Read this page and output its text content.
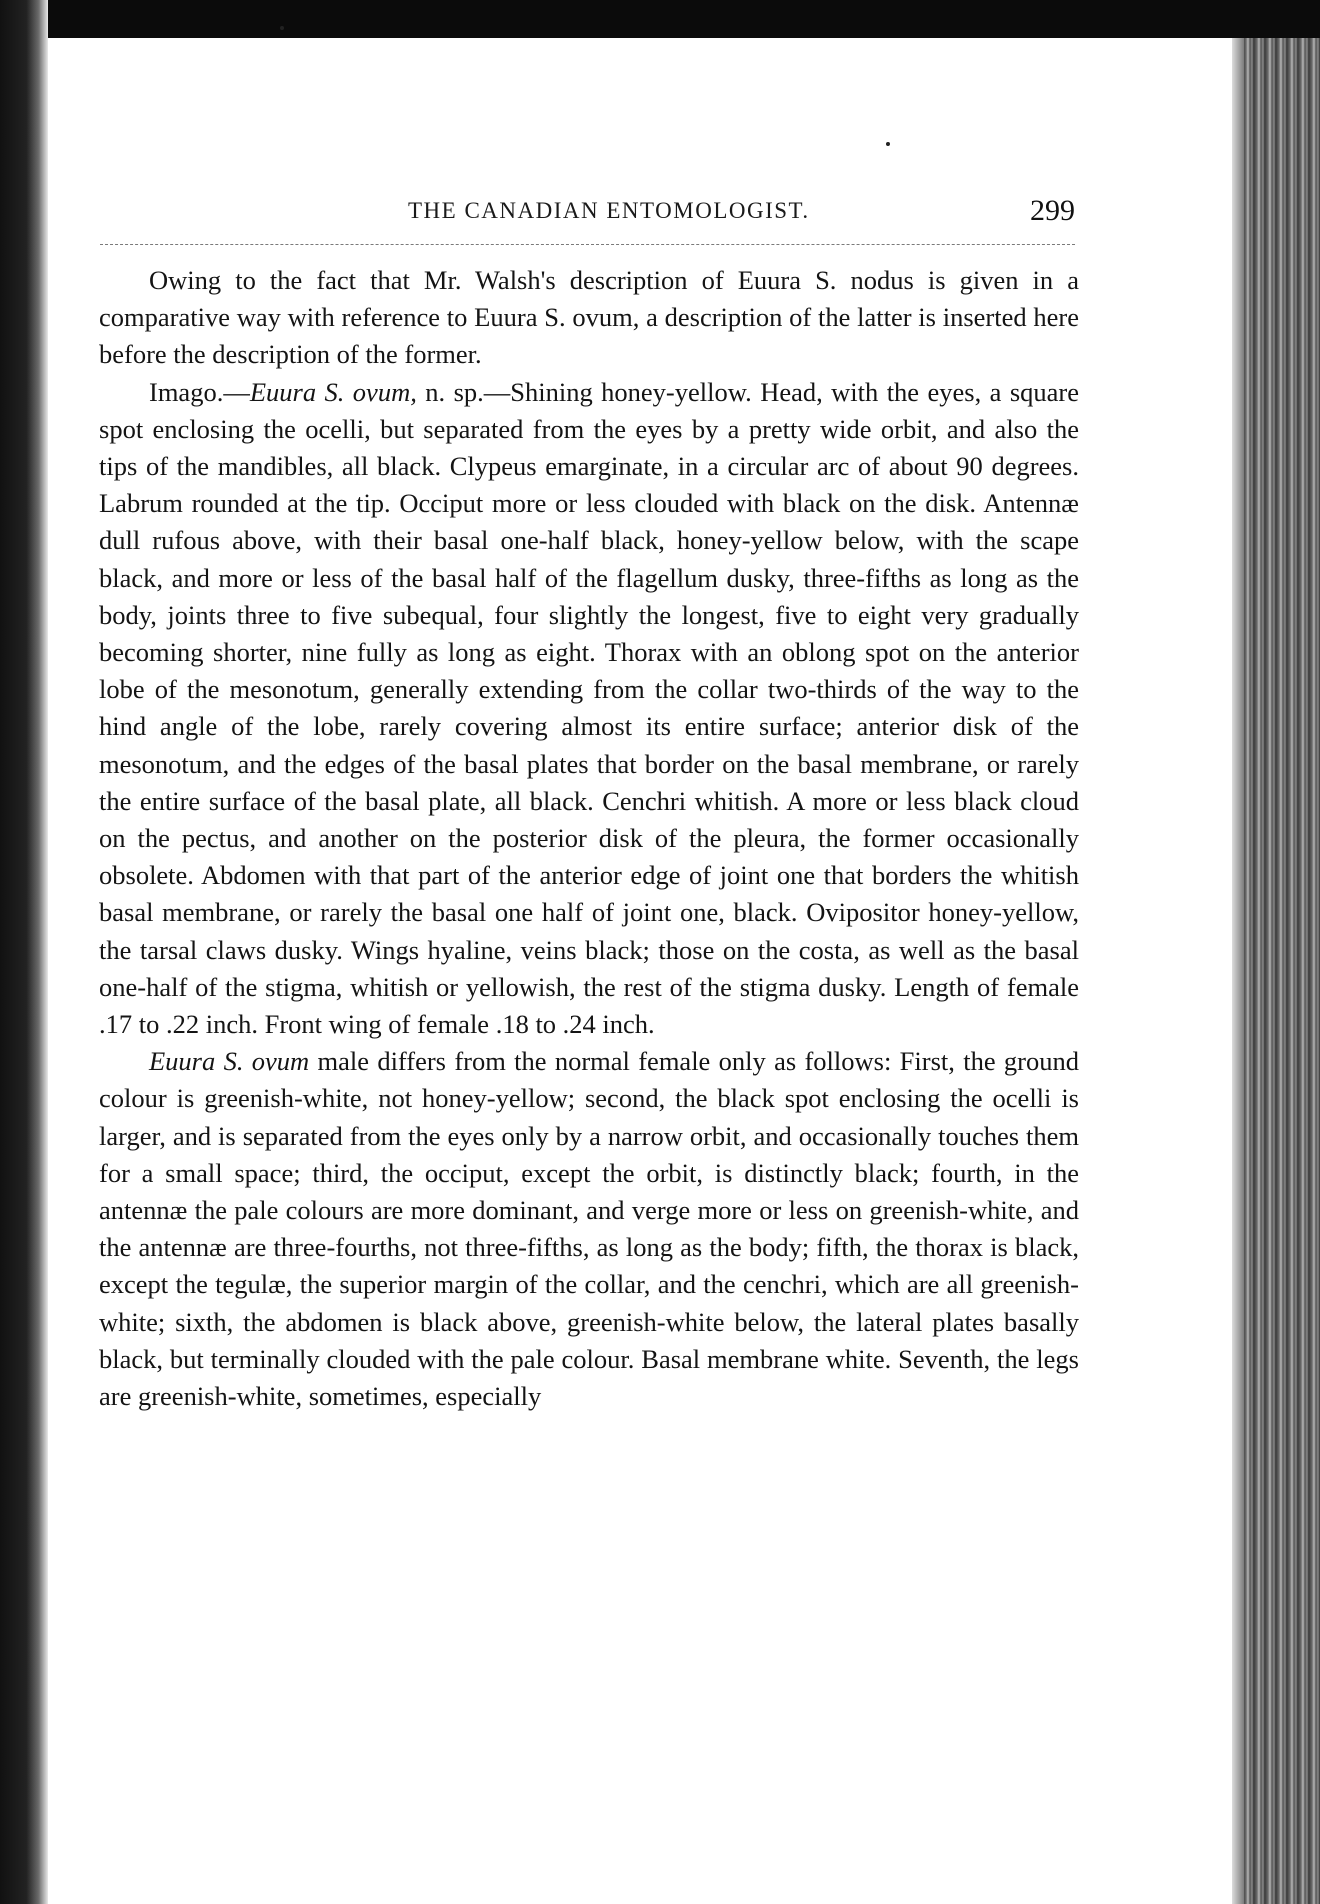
THE CANADIAN ENTOMOLOGIST.	299

Owing to the fact that Mr. Walsh's description of Euura S. nodus is given in a comparative way with reference to Euura S. ovum, a description of the latter is inserted here before the description of the former.

Imago.—Euura S. ovum, n. sp.—Shining honey-yellow. Head, with the eyes, a square spot enclosing the ocelli, but separated from the eyes by a pretty wide orbit, and also the tips of the mandibles, all black. Clypeus emarginate, in a circular arc of about 90 degrees. Labrum rounded at the tip. Occiput more or less clouded with black on the disk. Antennæ dull rufous above, with their basal one-half black, honey-yellow below, with the scape black, and more or less of the basal half of the flagellum dusky, three-fifths as long as the body, joints three to five subequal, four slightly the longest, five to eight very gradually becoming shorter, nine fully as long as eight. Thorax with an oblong spot on the anterior lobe of the mesonotum, generally extending from the collar two-thirds of the way to the hind angle of the lobe, rarely covering almost its entire surface; anterior disk of the mesonotum, and the edges of the basal plates that border on the basal membrane, or rarely the entire surface of the basal plate, all black. Cenchri whitish. A more or less black cloud on the pectus, and another on the posterior disk of the pleura, the former occasionally obsolete. Abdomen with that part of the anterior edge of joint one that borders the whitish basal membrane, or rarely the basal one half of joint one, black. Ovipositor honey-yellow, the tarsal claws dusky. Wings hyaline, veins black; those on the costa, as well as the basal one-half of the stigma, whitish or yellowish, the rest of the stigma dusky. Length of female .17 to .22 inch. Front wing of female .18 to .24 inch.

Euura S. ovum male differs from the normal female only as follows: First, the ground colour is greenish-white, not honey-yellow; second, the black spot enclosing the ocelli is larger, and is separated from the eyes only by a narrow orbit, and occasionally touches them for a small space; third, the occiput, except the orbit, is distinctly black; fourth, in the antennæ the pale colours are more dominant, and verge more or less on greenish-white, and the antennæ are three-fourths, not three-fifths, as long as the body; fifth, the thorax is black, except the tegulæ, the superior margin of the collar, and the cenchri, which are all greenish-white; sixth, the abdomen is black above, greenish-white below, the lateral plates basally black, but terminally clouded with the pale colour. Basal membrane white. Seventh, the legs are greenish-white, sometimes, especially
